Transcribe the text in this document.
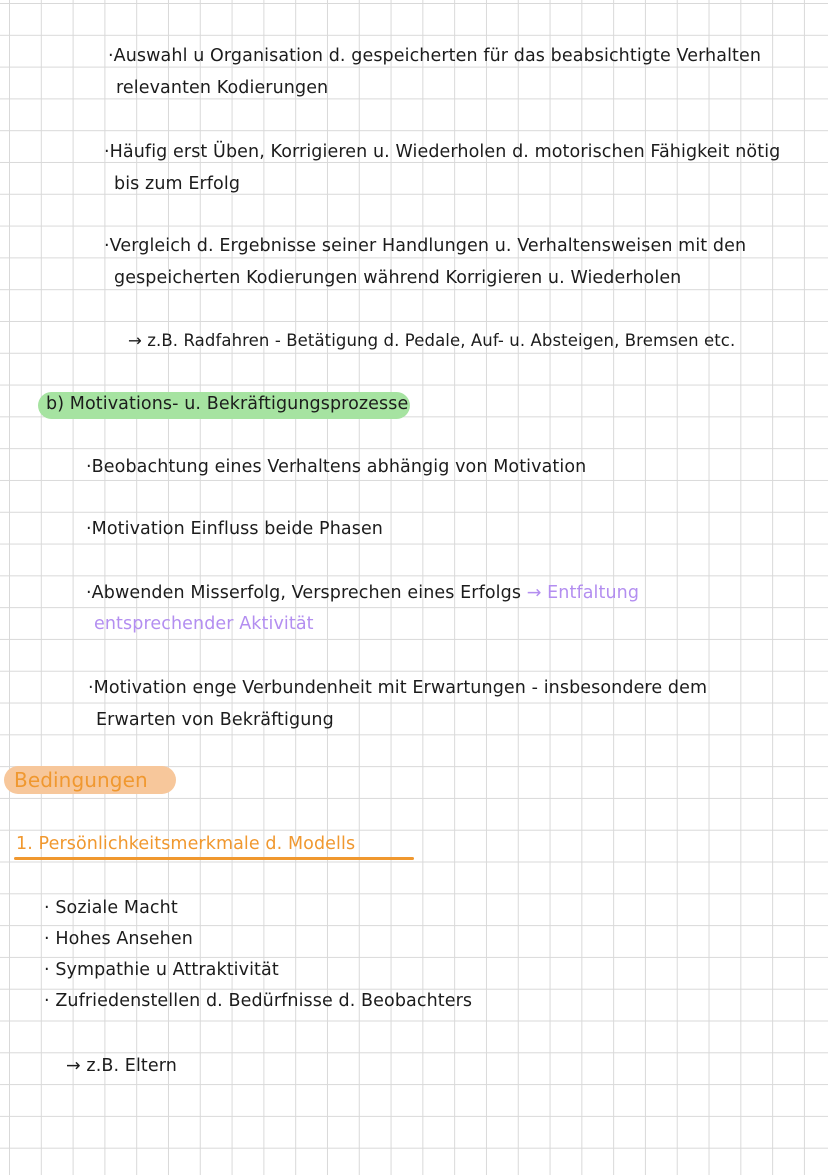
·Auswahl u Organisation d. gespeicherten für das beabsichtigte Verhalten
relevanten Kodierungen
·Häufig erst Üben, Korrigieren u. Wiederholen d. motorischen Fähigkeit nötig
bis zum Erfolg
·Vergleich d. Ergebnisse seiner Handlungen u. Verhaltensweisen mit den
gespeicherten Kodierungen während Korrigieren u. Wiederholen
→ z.B. Radfahren - Betätigung d. Pedale, Auf- u. Absteigen, Bremsen etc.
b) Motivations- u. Bekräftigungsprozesse
·Beobachtung eines Verhaltens abhängig von Motivation
·Motivation Einfluss beide Phasen
·Abwenden Misserfolg, Versprechen eines Erfolgs → Entfaltung
entsprechender Aktivität
·Motivation enge Verbundenheit mit Erwartungen - insbesondere dem
Erwarten von Bekräftigung
Bedingungen
1. Persönlichkeitsmerkmale d. Modells
· Soziale Macht
· Hohes Ansehen
· Sympathie u Attraktivität
· Zufriedenstellen d. Bedürfnisse d. Beobachters
→ z.B. Eltern
